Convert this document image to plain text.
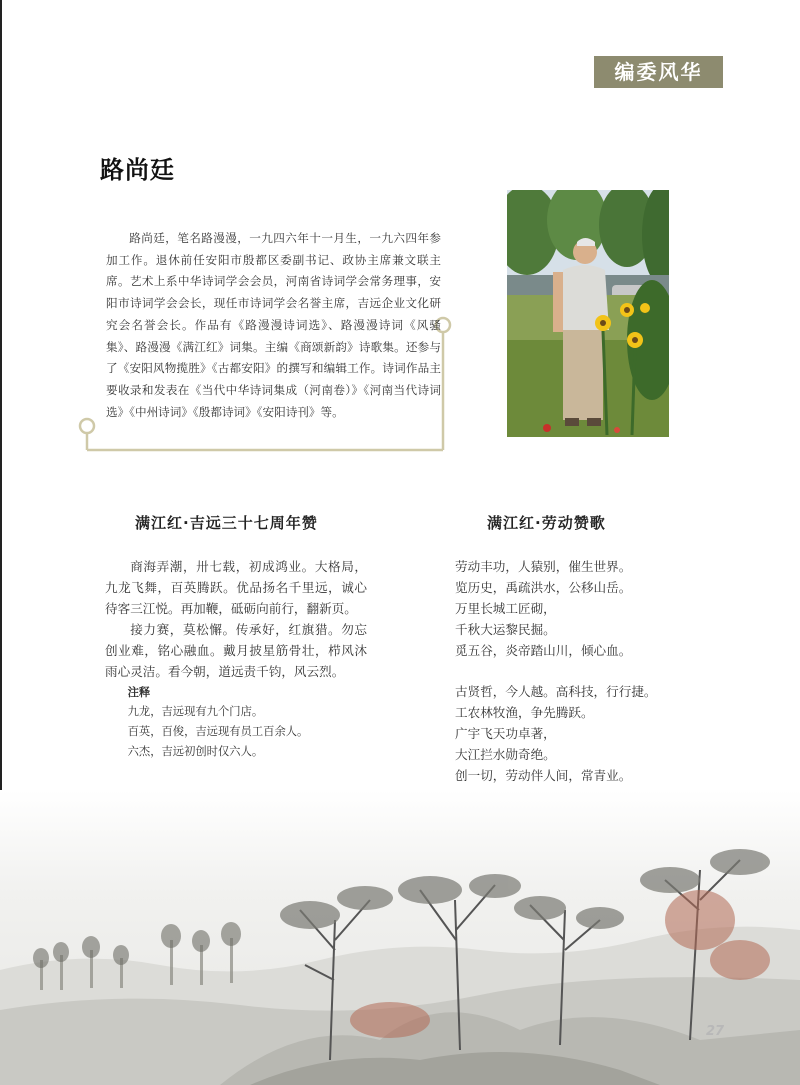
编委风华
路尚廷
路尚廷，笔名路漫漫，一九四六年十一月生，一九六四年参加工作。退休前任安阳市殷都区委副书记、政协主席兼文联主席。艺术上系中华诗词学会会员，河南省诗词学会常务理事，安阳市诗词学会会长，现任市诗词学会名誉主席，吉远企业文化研究会名誉会长。作品有《路漫漫诗词选》、路漫漫诗词《风骚集》、路漫漫《满江红》词集。主编《商颂新韵》诗歌集。还参与了《安阳风物揽胜》《古都安阳》的撰写和编辑工作。诗词作品主要收录和发表在《当代中华诗词集成（河南卷）》《河南当代诗词选》《中州诗词》《殷都诗词》《安阳诗刊》等。
满江红·吉远三十七周年赞

商海弄潮，卅七载，初成鸿业。大格局，九龙飞舞，百英腾跃。优品扬名千里远，诚心待客三江悦。再加鞭，砥砺向前行，翻新页。

接力赛，莫松懈。传承好，红旗猎。勿忘创业难，铭心融血。戴月披星筋骨壮，栉风沐雨心灵洁。看今朝，道远责千钧，风云烈。

注释

九龙，吉远现有九个门店。

百英，百俊，吉远现有员工百余人。

六杰，吉远初创时仅六人。

满江红·劳动赞歌

劳动丰功，人猿别，催生世界。

览历史，禹疏洪水，公移山岳。

万里长城工匠砌，

千秋大运黎民掘。

觅五谷，炎帝踏山川，倾心血。

古贤哲，今人越。高科技，行行捷。

工农林牧渔，争先腾跃。

广宇飞天功卓著，

大江拦水勋奇绝。

创一切，劳动伴人间，常青业。

27
